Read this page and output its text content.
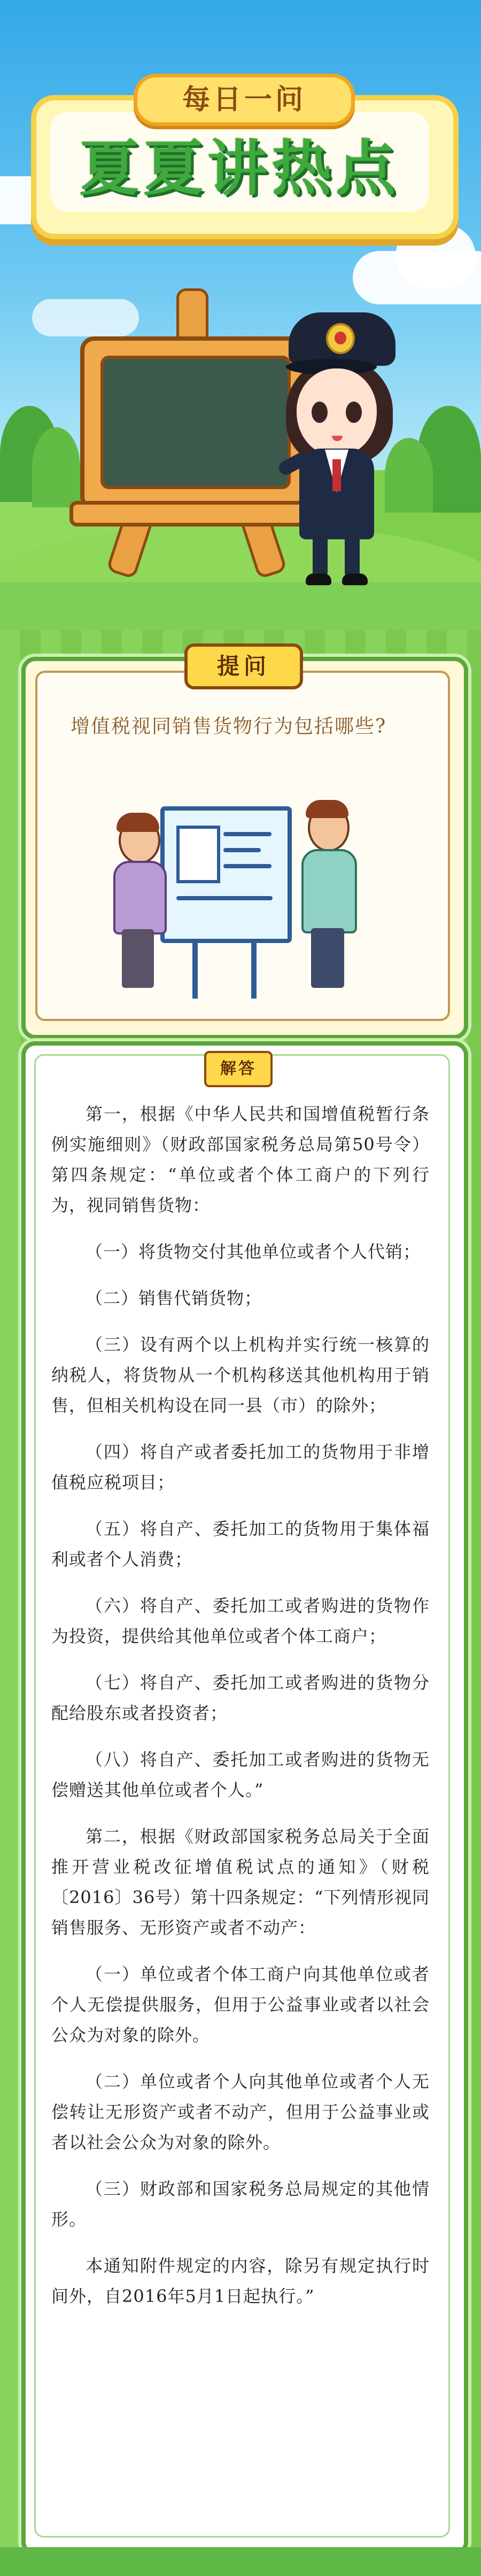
夏夏讲热点
每日一问
提问
增值税视同销售货物行为包括哪些?
解答

第一，根据《中华人民共和国增值税暂行条例实施细则》（财政部国家税务总局第50号令）第四条规定：“单位或者个体工商户的下列行为，视同销售货物：

（一）将货物交付其他单位或者个人代销；

（二）销售代销货物；

（三）设有两个以上机构并实行统一核算的纳税人，将货物从一个机构移送其他机构用于销售，但相关机构设在同一县（市）的除外；

（四）将自产或者委托加工的货物用于非增值税应税项目；

（五）将自产、委托加工的货物用于集体福利或者个人消费；

（六）将自产、委托加工或者购进的货物作为投资，提供给其他单位或者个体工商户；

（七）将自产、委托加工或者购进的货物分配给股东或者投资者；

（八）将自产、委托加工或者购进的货物无偿赠送其他单位或者个人。”

第二，根据《财政部国家税务总局关于全面推开营业税改征增值税试点的通知》（财税〔2016〕36号）第十四条规定：“下列情形视同销售服务、无形资产或者不动产：

（一）单位或者个体工商户向其他单位或者个人无偿提供服务，但用于公益事业或者以社会公众为对象的除外。

（二）单位或者个人向其他单位或者个人无偿转让无形资产或者不动产，但用于公益事业或者以社会公众为对象的除外。

（三）财政部和国家税务总局规定的其他情形。

本通知附件规定的内容，除另有规定执行时间外，自2016年5月1日起执行。”
